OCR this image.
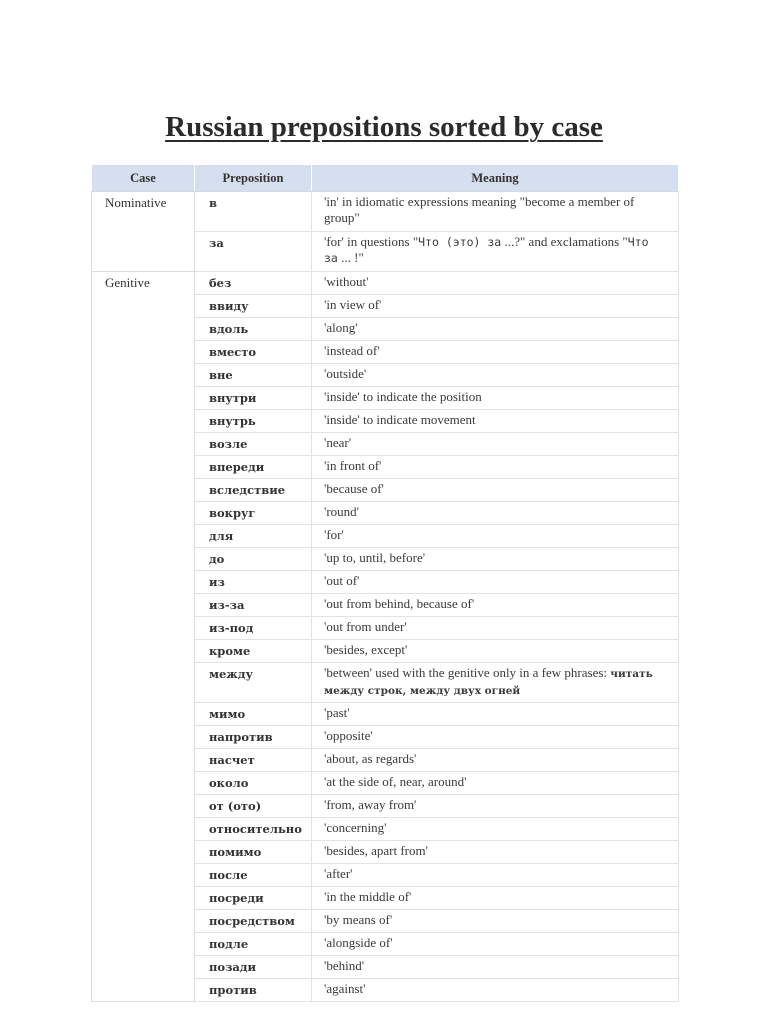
Russian prepositions sorted by case
Case	Preposition	Meaning
Nominative	в	'in' in idiomatic expressions meaning "become a member of group"
	за	'for' in questions "Что (это) за ...?" and exclamations "Что за ... !"
Genitive	без	'without'
	ввиду	'in view of'
	вдоль	'along'
	вместо	'instead of'
	вне	'outside'
	внутри	'inside' to indicate the position
	внутрь	'inside' to indicate movement
	возле	'near'
	впереди	'in front of'
	вследствие	'because of'
	вокруг	'round'
	для	'for'
	до	'up to, until, before'
	из	'out of'
	из-за	'out from behind, because of'
	из-под	'out from under'
	кроме	'besides, except'
	между	'between' used with the genitive only in a few phrases: читать между строк, между двух огней
	мимо	'past'
	напротив	'opposite'
	насчет	'about, as regards'
	около	'at the side of, near, around'
	от (ото)	'from, away from'
	относительно	'concerning'
	помимо	'besides, apart from'
	после	'after'
	посреди	'in the middle of'
	посредством	'by means of'
	подле	'alongside of'
	позади	'behind'
	против	'against'
